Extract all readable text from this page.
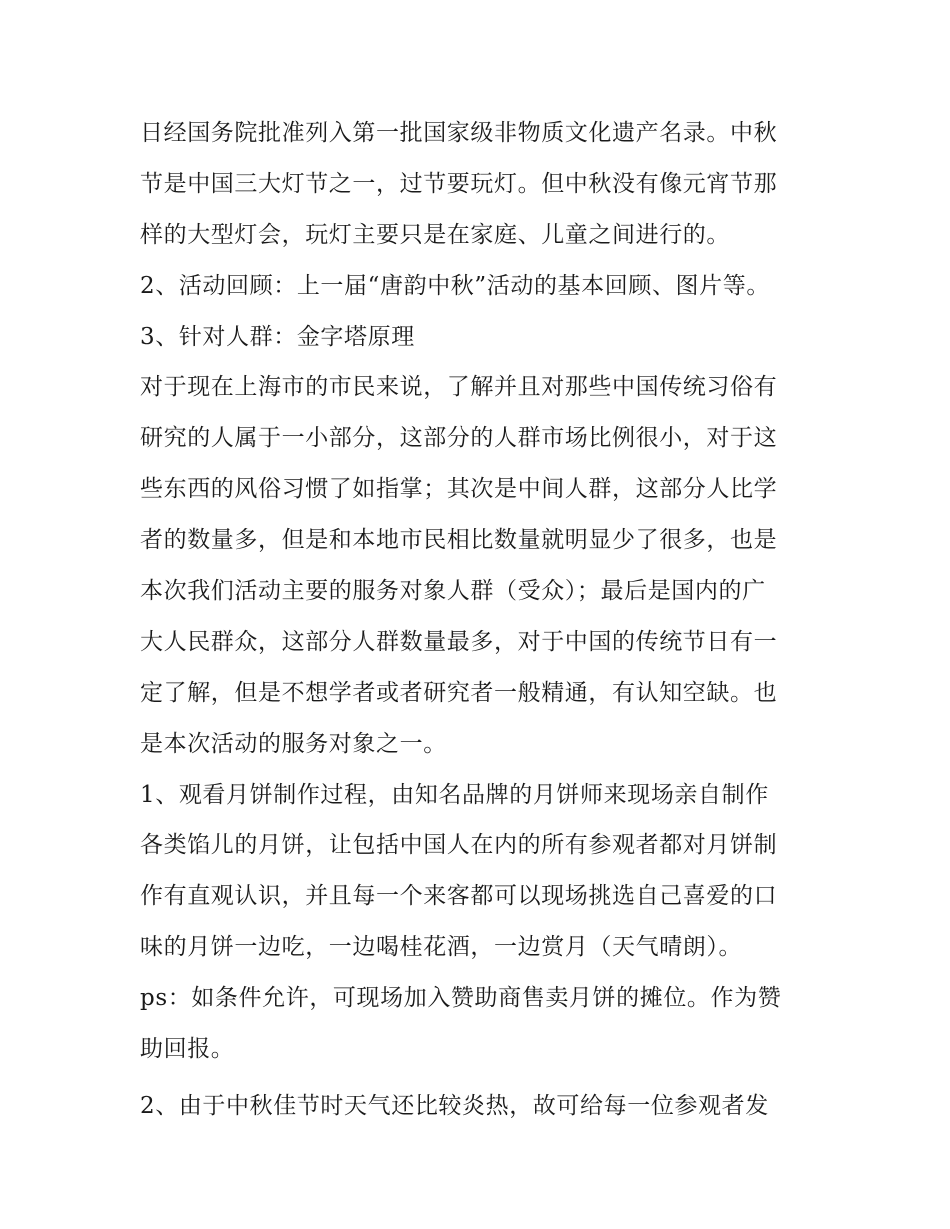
日经国务院批准列入第一批国家级非物质文化遗产名录。中秋
节是中国三大灯节之一，过节要玩灯。但中秋没有像元宵节那
样的大型灯会，玩灯主要只是在家庭、儿童之间进行的。
2、活动回顾：上一届“唐韵中秋”活动的基本回顾、图片等。
3、针对人群：金字塔原理
对于现在上海市的市民来说，了解并且对那些中国传统习俗有
研究的人属于一小部分，这部分的人群市场比例很小，对于这
些东西的风俗习惯了如指掌；其次是中间人群，这部分人比学
者的数量多，但是和本地市民相比数量就明显少了很多，也是
本次我们活动主要的服务对象人群（受众）；最后是国内的广
大人民群众，这部分人群数量最多，对于中国的传统节日有一
定了解，但是不想学者或者研究者一般精通，有认知空缺。也
是本次活动的服务对象之一。
1、观看月饼制作过程，由知名品牌的月饼师来现场亲自制作
各类馅儿的月饼，让包括中国人在内的所有参观者都对月饼制
作有直观认识，并且每一个来客都可以现场挑选自己喜爱的口
味的月饼一边吃，一边喝桂花酒，一边赏月（天气晴朗）。
ps：如条件允许，可现场加入赞助商售卖月饼的摊位。作为赞
助回报。
2、由于中秋佳节时天气还比较炎热，故可给每一位参观者发
